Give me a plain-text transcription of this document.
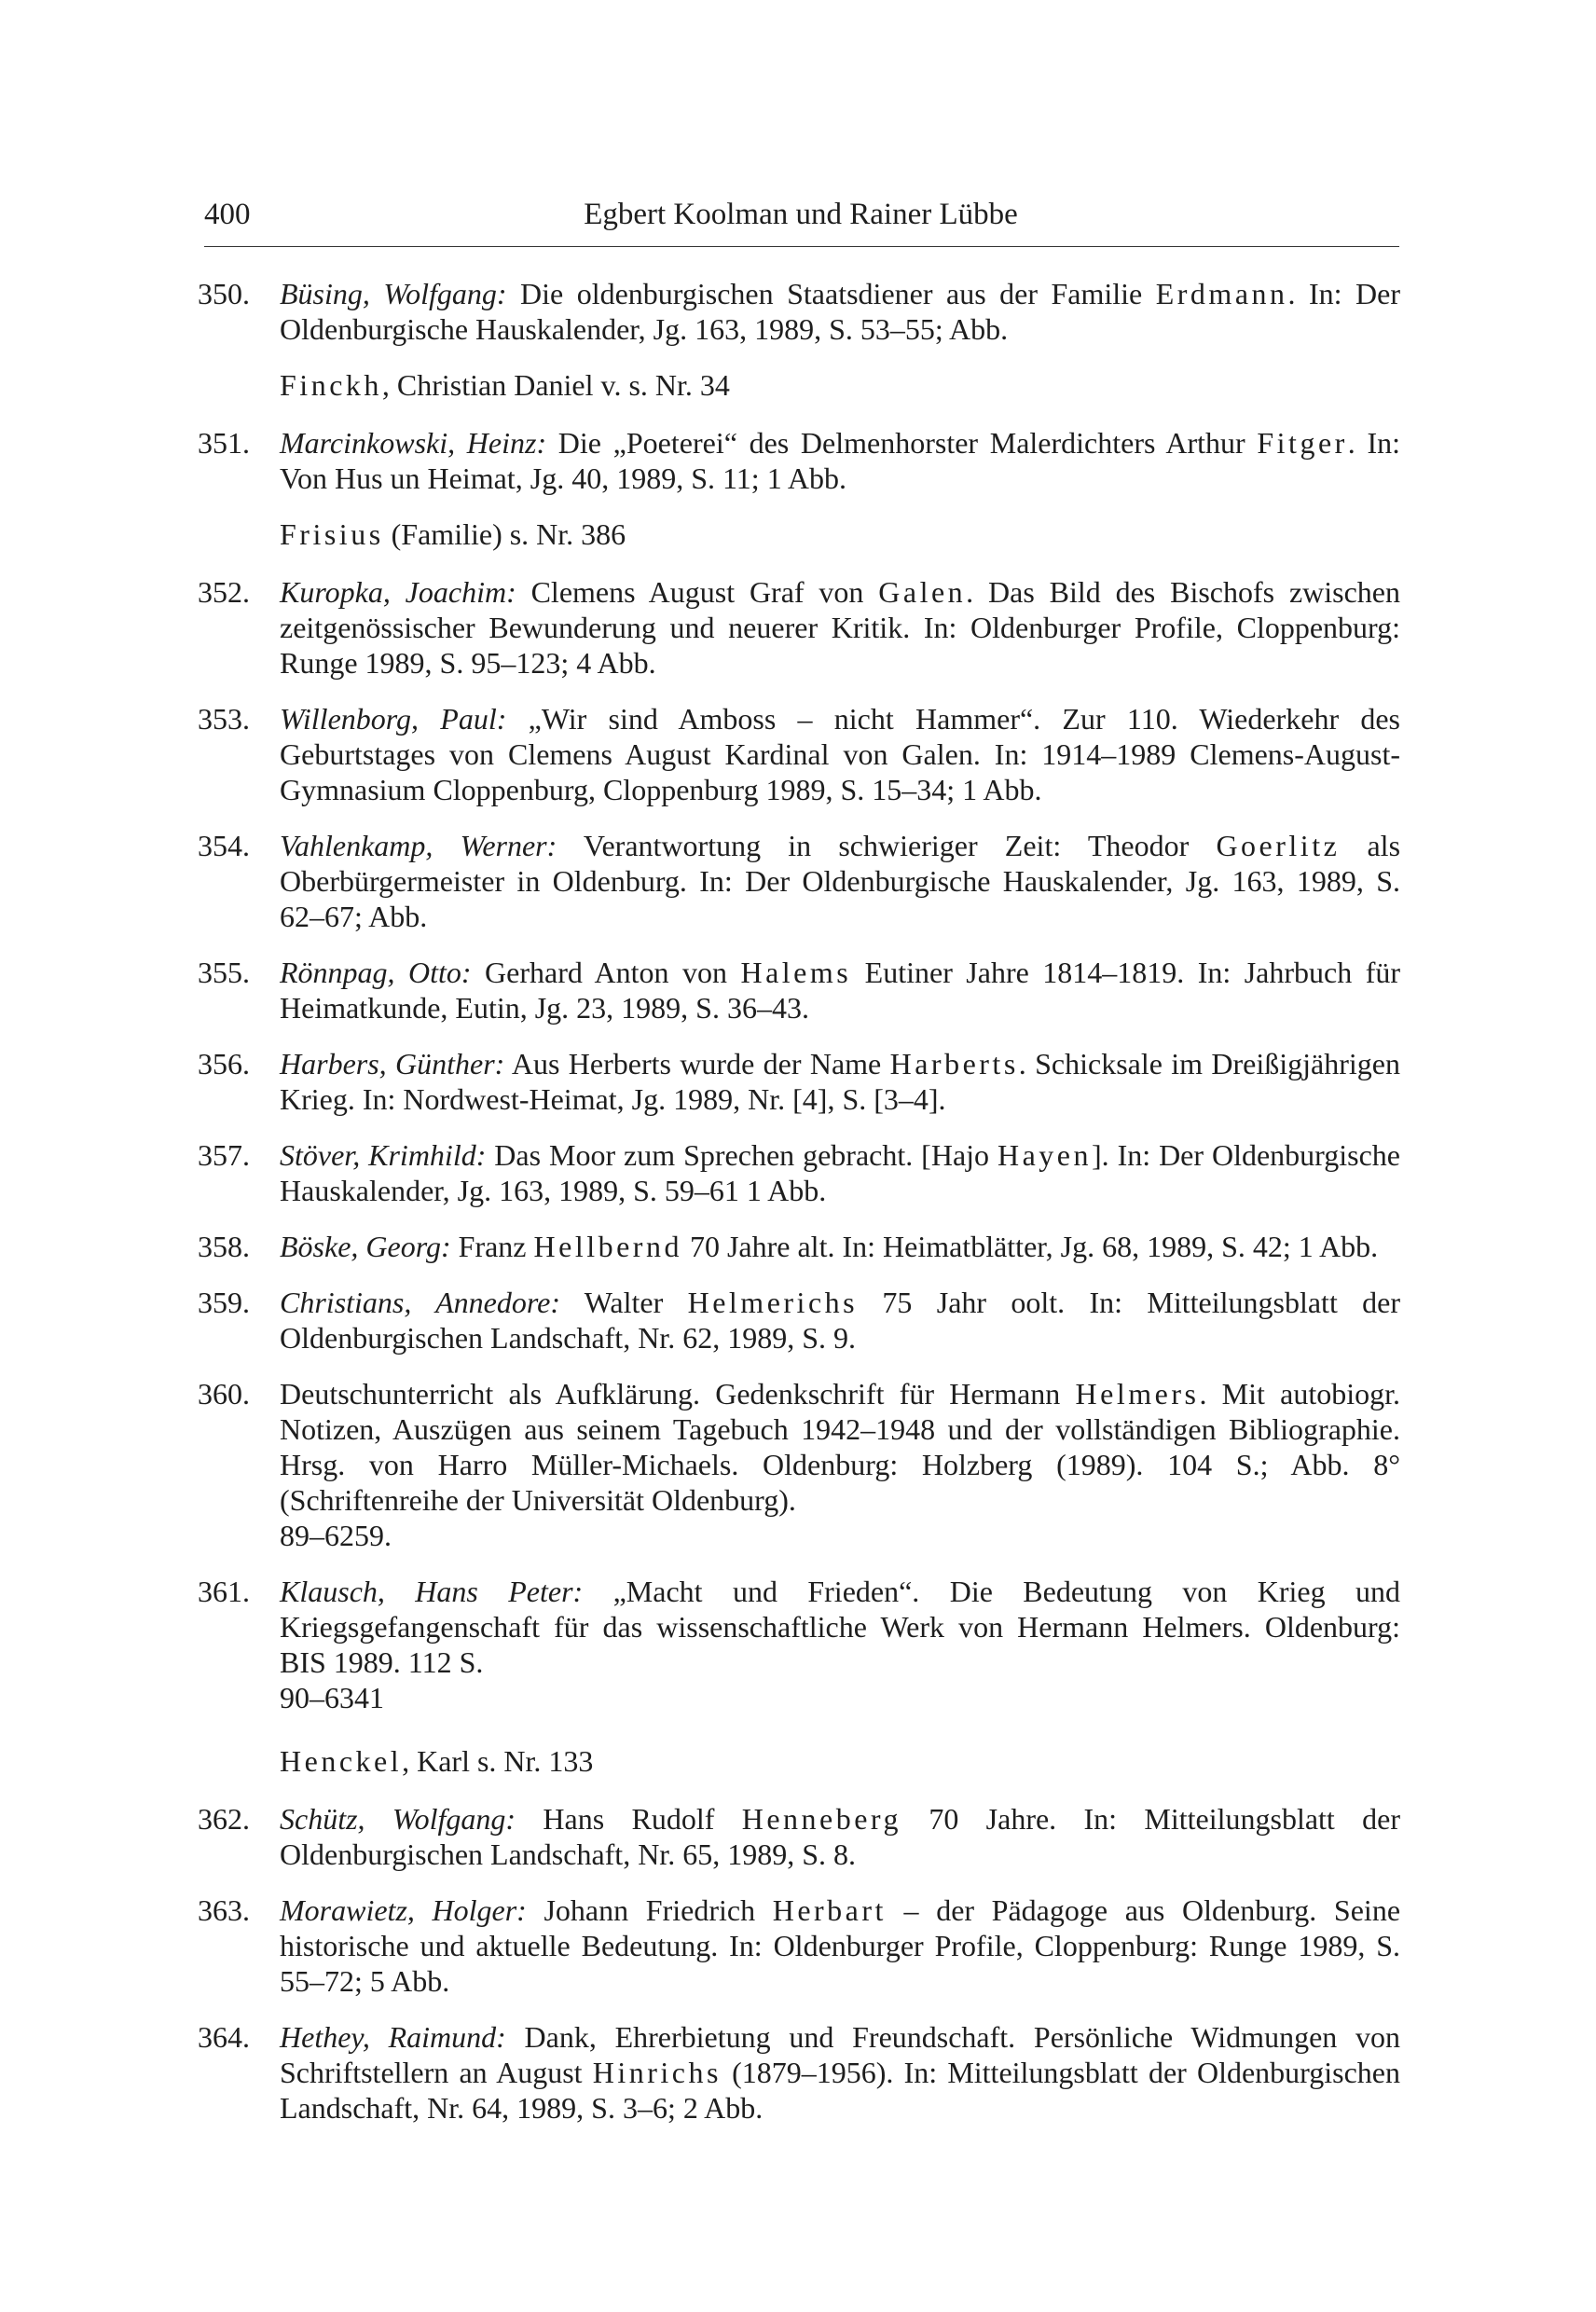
400	Egbert Koolman und Rainer Lübbe
350. Büsing, Wolfgang: Die oldenburgischen Staatsdiener aus der Familie Erdmann. In: Der Oldenburgische Hauskalender, Jg. 163, 1989, S. 53–55; Abb.
Finckh, Christian Daniel v. s. Nr. 34
351. Marcinkowski, Heinz: Die „Poeterei“ des Delmenhorster Malerdichters Arthur Fitger. In: Von Hus un Heimat, Jg. 40, 1989, S. 11; 1 Abb.
Frisius (Familie) s. Nr. 386
352. Kuropka, Joachim: Clemens August Graf von Galen. Das Bild des Bischofs zwischen zeitgenössischer Bewunderung und neuerer Kritik. In: Oldenburger Profile, Cloppenburg: Runge 1989, S. 95–123; 4 Abb.
353. Willenborg, Paul: „Wir sind Amboss – nicht Hammer“. Zur 110. Wiederkehr des Geburtstages von Clemens August Kardinal von Galen. In: 1914–1989 Clemens-August-Gymnasium Cloppenburg, Cloppenburg 1989, S. 15–34; 1 Abb.
354. Vahlenkamp, Werner: Verantwortung in schwieriger Zeit: Theodor Goerlitz als Oberbürgermeister in Oldenburg. In: Der Oldenburgische Hauskalender, Jg. 163, 1989, S. 62–67; Abb.
355. Rönnpag, Otto: Gerhard Anton von Halems Eutiner Jahre 1814–1819. In: Jahrbuch für Heimatkunde, Eutin, Jg. 23, 1989, S. 36–43.
356. Harbers, Günther: Aus Herberts wurde der Name Harberts. Schicksale im Dreißigjährigen Krieg. In: Nordwest-Heimat, Jg. 1989, Nr. [4], S. [3–4].
357. Stöver, Krimhild: Das Moor zum Sprechen gebracht. [Hajo Hayen]. In: Der Oldenburgische Hauskalender, Jg. 163, 1989, S. 59–61 1 Abb.
358. Böske, Georg: Franz Hellbernd 70 Jahre alt. In: Heimatblätter, Jg. 68, 1989, S. 42; 1 Abb.
359. Christians, Annedore: Walter Helmerichs 75 Jahr oolt. In: Mitteilungsblatt der Oldenburgischen Landschaft, Nr. 62, 1989, S. 9.
360. Deutschunterricht als Aufklärung. Gedenkschrift für Hermann Helmers. Mit autobiogr. Notizen, Auszügen aus seinem Tagebuch 1942–1948 und der vollständigen Bibliographie. Hrsg. von Harro Müller-Michaels. Oldenburg: Holzberg (1989). 104 S.; Abb. 8° (Schriftenreihe der Universität Oldenburg).
89–6259.
361. Klausch, Hans Peter: „Macht und Frieden“. Die Bedeutung von Krieg und Kriegsgefangenschaft für das wissenschaftliche Werk von Hermann Helmers. Oldenburg: BIS 1989. 112 S.
90–6341
Henckel, Karl s. Nr. 133
362. Schütz, Wolfgang: Hans Rudolf Henneberg 70 Jahre. In: Mitteilungsblatt der Oldenburgischen Landschaft, Nr. 65, 1989, S. 8.
363. Morawietz, Holger: Johann Friedrich Herbart – der Pädagoge aus Oldenburg. Seine historische und aktuelle Bedeutung. In: Oldenburger Profile, Cloppenburg: Runge 1989, S. 55–72; 5 Abb.
364. Hethey, Raimund: Dank, Ehrerbietung und Freundschaft. Persönliche Widmungen von Schriftstellern an August Hinrichs (1879–1956). In: Mitteilungsblatt der Oldenburgischen Landschaft, Nr. 64, 1989, S. 3–6; 2 Abb.
